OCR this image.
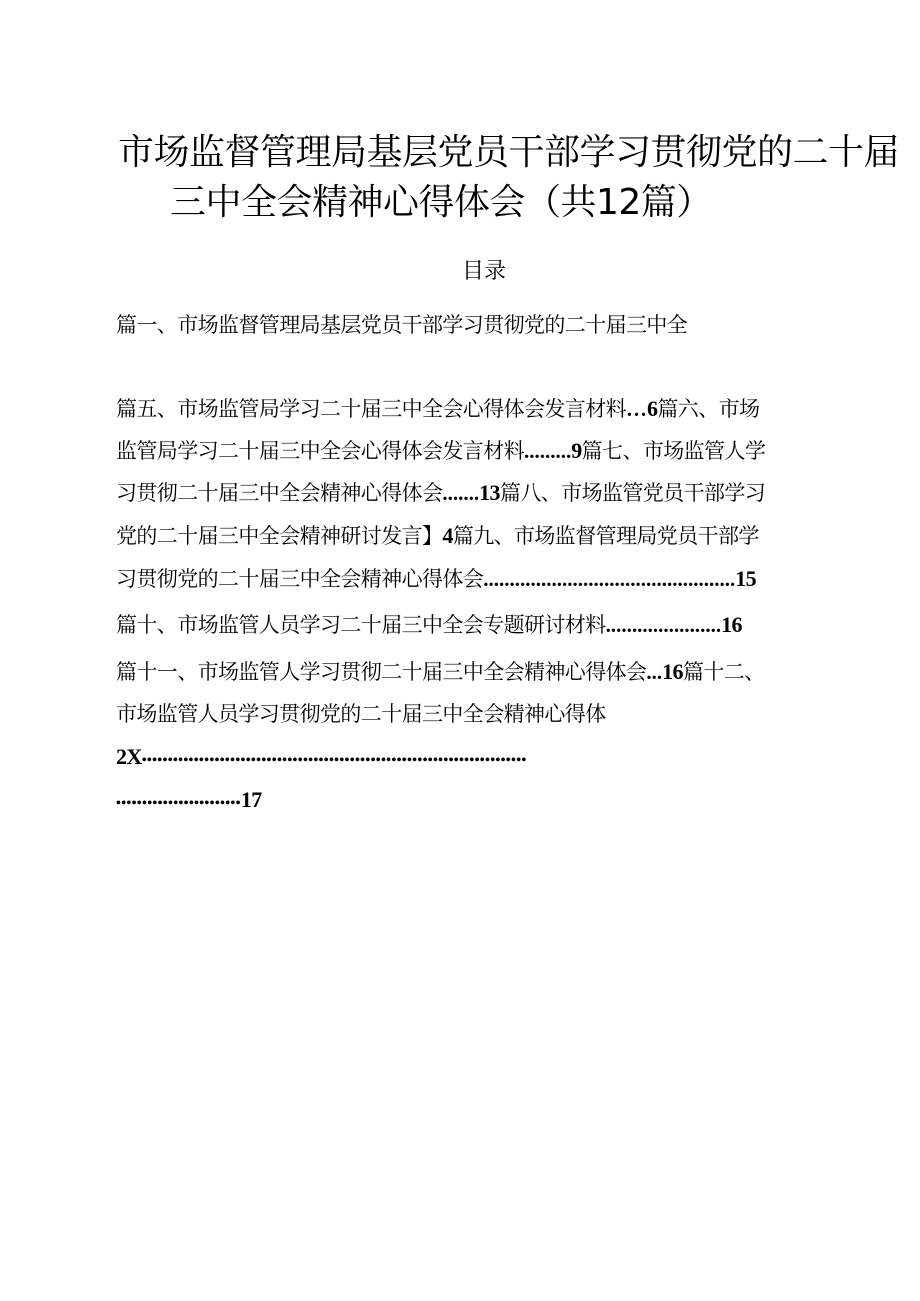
市场监督管理局基层党员干部学习贯彻党的二十届
三中全会精神心得体会（共12篇）
目录
篇一、市场监督管理局基层党员干部学习贯彻党的二十届三中全
篇五、市场监管局学习二十届三中全会心得体会发言材料…6篇六、市场
监管局学习二十届三中全会心得体会发言材料.........9篇七、市场监管人学
习贯彻二十届三中全会精神心得体会.......13篇八、市场监管党员干部学习
党的二十届三中全会精神研讨发言】4篇九、市场监督管理局党员干部学
习贯彻党的二十届三中全会精神心得体会................................................15
篇十、市场监管人员学习二十届三中全会专题研讨材料......................16
篇十一、市场监管人学习贯彻二十届三中全会精神心得体会...16篇十二、
市场监管人员学习贯彻党的二十届三中全会精神心得体
2X••••••••••••••••••••••••••••••••••••••••••••••••••••••••••••••••••••••••••
••••••••••••••••••••••••17
